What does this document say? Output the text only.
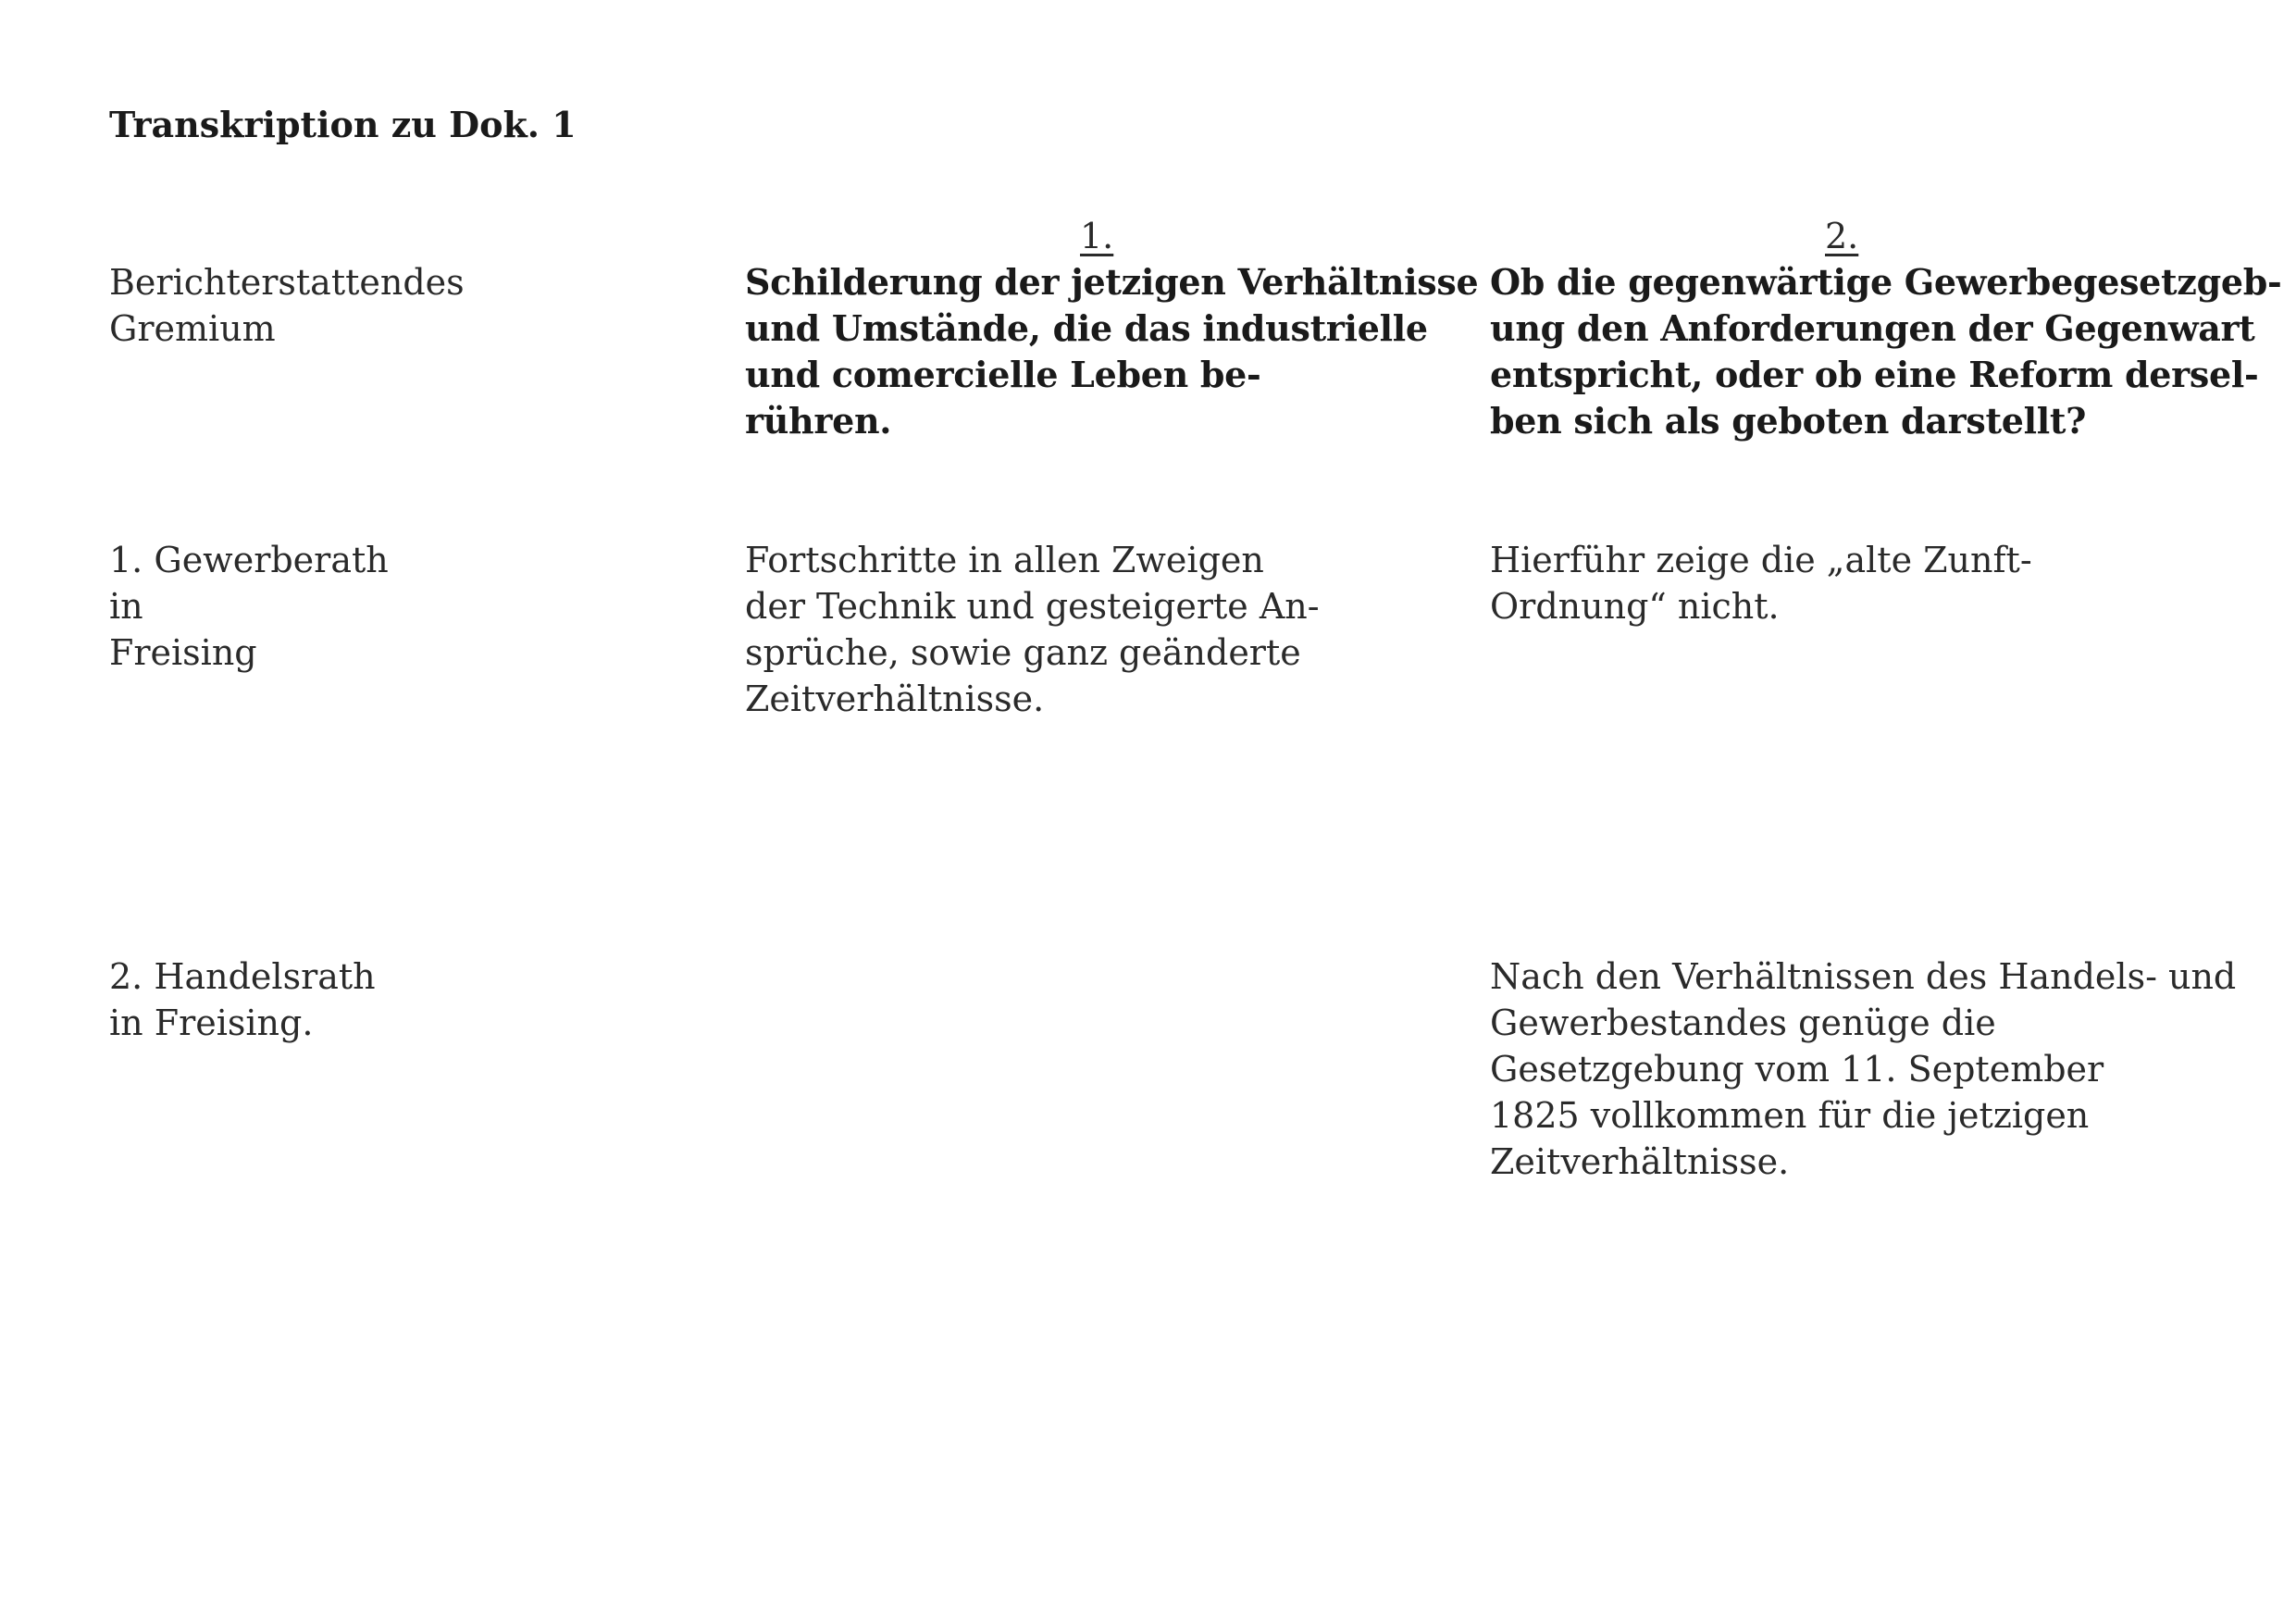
Transkription zu Dok. 1
1.	2.
Berichterstattendes
Gremium
Schilderung der jetzigen Verhältnisse
und Umstände, die das industrielle
und comercielle Leben be-
rühren.
Ob die gegenwärtige Gewerbegesetzgeb-
ung den Anforderungen der Gegenwart
entspricht, oder ob eine Reform dersel-
ben sich als geboten darstellt?
1. Gewerberath
in
Freising
Fortschritte in allen Zweigen
der Technik und gesteigerte An-
sprüche, sowie ganz geänderte
Zeitverhältnisse.
Hierführ zeige die „alte Zunft-
Ordnung“ nicht.
2. Handelsrath
in Freising.
Nach den Verhältnissen des Handels- und
Gewerbestandes genüge die
Gesetzgebung vom 11. September
1825 vollkommen für die jetzigen
Zeitverhältnisse.
